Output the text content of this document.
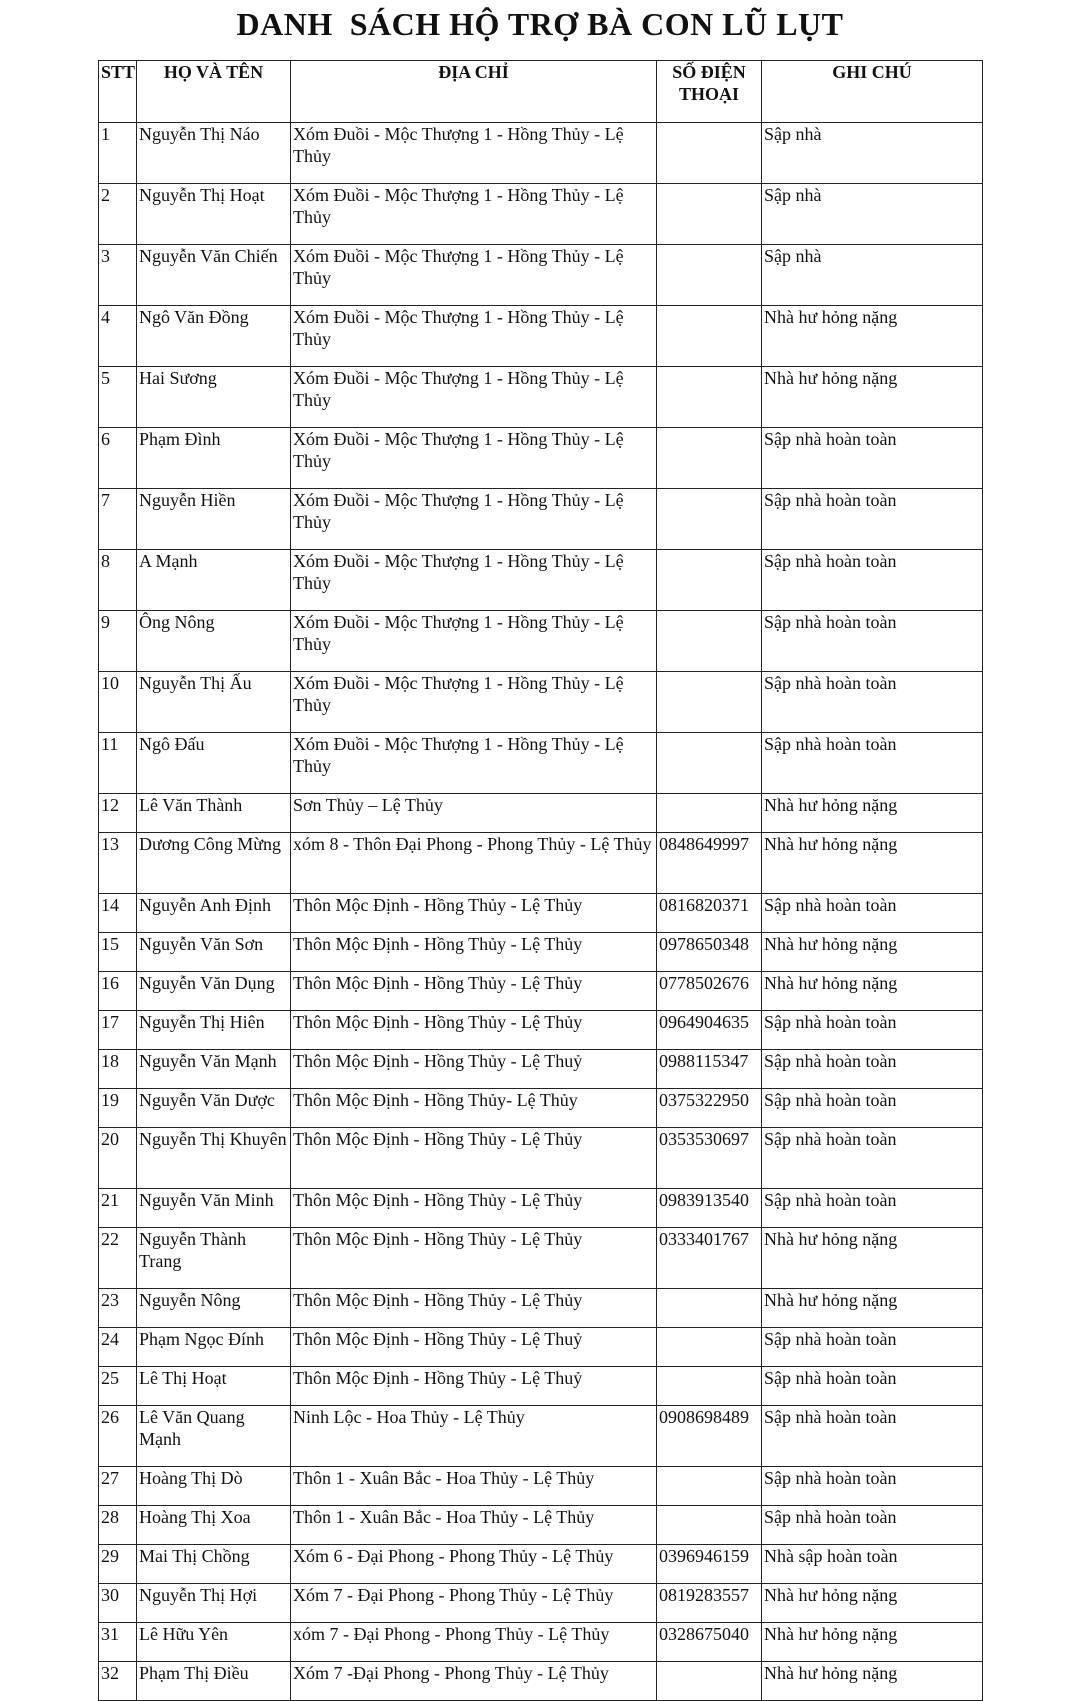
DANH  SÁCH HỘ TRỢ BÀ CON LŨ LỤT
STT	HỌ VÀ TÊN	ĐỊA CHỈ	SỐ ĐIỆN THOẠI	GHI CHÚ
1	Nguyễn Thị Náo	Xóm Đuồi - Mộc Thượng 1 - Hồng Thủy - Lệ Thủy		Sập nhà
2	Nguyễn Thị Hoạt	Xóm Đuồi - Mộc Thượng 1 - Hồng Thủy - Lệ Thủy		Sập nhà
3	Nguyễn Văn Chiến	Xóm Đuồi - Mộc Thượng 1 - Hồng Thủy - Lệ Thủy		Sập nhà
4	Ngô Văn Đồng	Xóm Đuồi - Mộc Thượng 1 - Hồng Thủy - Lệ Thủy		Nhà hư hỏng nặng
5	Hai Sương	Xóm Đuồi - Mộc Thượng 1 - Hồng Thủy - Lệ Thủy		Nhà hư hỏng nặng
6	Phạm Đình	Xóm Đuồi - Mộc Thượng 1 - Hồng Thủy - Lệ Thủy		Sập nhà hoàn toàn
7	Nguyễn Hiền	Xóm Đuồi - Mộc Thượng 1 - Hồng Thủy - Lệ Thủy		Sập nhà hoàn toàn
8	A Mạnh	Xóm Đuồi - Mộc Thượng 1 - Hồng Thủy - Lệ Thủy		Sập nhà hoàn toàn
9	Ông Nông	Xóm Đuồi - Mộc Thượng 1 - Hồng Thủy - Lệ Thủy		Sập nhà hoàn toàn
10	Nguyễn Thị Ấu	Xóm Đuồi - Mộc Thượng 1 - Hồng Thủy - Lệ Thủy		Sập nhà hoàn toàn
11	Ngô Đấu	Xóm Đuồi - Mộc Thượng 1 - Hồng Thủy - Lệ Thủy		Sập nhà hoàn toàn
12	Lê Văn Thành	Sơn Thủy – Lệ Thủy		Nhà hư hỏng nặng
13	Dương Công Mừng	xóm 8 - Thôn Đại Phong - Phong Thủy - Lệ Thủy	0848649997	Nhà hư hỏng nặng
14	Nguyễn Anh Định	Thôn Mộc Định - Hồng Thủy - Lệ Thủy	0816820371	Sập nhà hoàn toàn
15	Nguyễn Văn Sơn	Thôn Mộc Định - Hồng Thủy - Lệ Thủy	0978650348	Nhà hư hỏng nặng
16	Nguyễn Văn Dụng	Thôn Mộc Định - Hồng Thủy - Lệ Thủy	0778502676	Nhà hư hỏng nặng
17	Nguyễn Thị Hiên	Thôn Mộc Định - Hồng Thủy - Lệ Thủy	0964904635	Sập nhà hoàn toàn
18	Nguyễn Văn Mạnh	Thôn Mộc Định - Hồng Thủy - Lệ Thuỷ	0988115347	Sập nhà hoàn toàn
19	Nguyễn Văn Dược	Thôn Mộc Định - Hồng Thủy- Lệ Thủy	0375322950	Sập nhà hoàn toàn
20	Nguyễn Thị Khuyên	Thôn Mộc Định - Hồng Thủy - Lệ Thủy	0353530697	Sập nhà hoàn toàn
21	Nguyễn Văn Minh	Thôn Mộc Định - Hồng Thủy - Lệ Thủy	0983913540	Sập nhà hoàn toàn
22	Nguyễn Thành Trang	Thôn Mộc Định - Hồng Thủy - Lệ Thủy	0333401767	Nhà hư hỏng nặng
23	Nguyễn Nông	Thôn Mộc Định - Hồng Thủy - Lệ Thủy		Nhà hư hỏng nặng
24	Phạm Ngọc Đính	Thôn Mộc Định - Hồng Thủy - Lệ Thuỷ		Sập nhà hoàn toàn
25	Lê Thị Hoạt	Thôn Mộc Định - Hồng Thủy - Lệ Thuỷ		Sập nhà hoàn toàn
26	Lê Văn Quang Mạnh	Ninh Lộc - Hoa Thủy - Lệ Thủy	0908698489	Sập nhà hoàn toàn
27	Hoàng Thị Dò	Thôn 1 - Xuân Bắc - Hoa Thủy - Lệ Thủy		Sập nhà hoàn toàn
28	Hoàng Thị Xoa	Thôn 1 - Xuân Bắc - Hoa Thủy - Lệ Thủy		Sập nhà hoàn toàn
29	Mai Thị Chồng	Xóm 6 - Đại Phong - Phong Thủy - Lệ Thủy	0396946159	Nhà sập hoàn toàn
30	Nguyễn Thị Hợi	Xóm 7 - Đại Phong - Phong Thủy - Lệ Thủy	0819283557	Nhà hư hỏng nặng
31	Lê Hữu Yên	xóm 7 - Đại Phong - Phong Thủy - Lệ Thủy	0328675040	Nhà hư hỏng nặng
32	Phạm Thị Điều	Xóm 7 -Đại Phong - Phong Thủy - Lệ Thủy		Nhà hư hỏng nặng
